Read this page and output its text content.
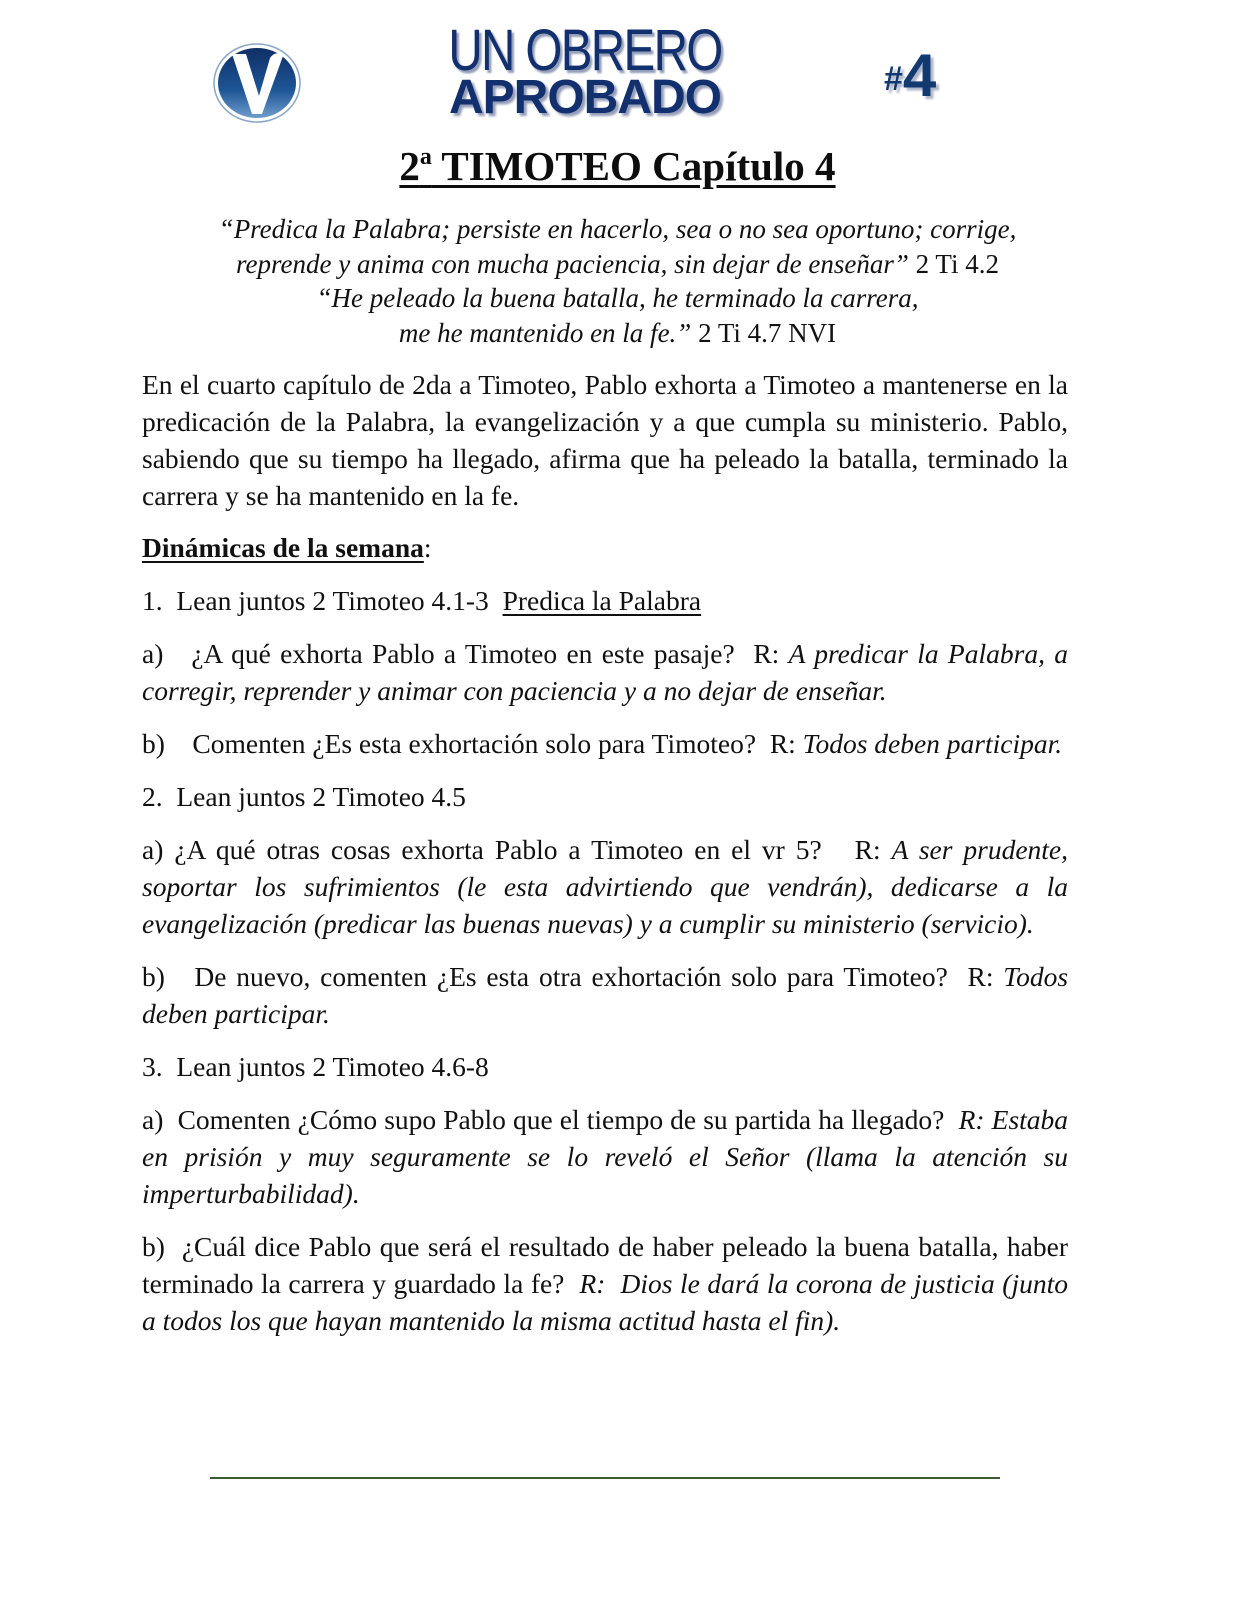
UN OBRERO
APROBADO	#4
2$^a$ TIMOTEO Capítulo 4
“Predica la Palabra; persiste en hacerlo, sea o no sea oportuno; corrige,
reprende y anima con mucha paciencia, sin dejar de enseñar” 2 Ti 4.2
“He peleado la buena batalla, he terminado la carrera,
me he mantenido en la fe.” 2 Ti 4.7 NVI

En el cuarto capítulo de 2da a Timoteo, Pablo exhorta a Timoteo a mantenerse en la predicación de la Palabra, la evangelización y a que cumpla su ministerio. Pablo, sabiendo que su tiempo ha llegado, afirma que ha peleado la batalla, terminado la carrera y se ha mantenido en la fe.

Dinámicas de la semana:

1. Lean juntos 2 Timoteo 4.1-3 Predica la Palabra

a) ¿A qué exhorta Pablo a Timoteo en este pasaje? R: A predicar la Palabra, a corregir, reprender y animar con paciencia y a no dejar de enseñar.

b) Comenten ¿Es esta exhortación solo para Timoteo? R: Todos deben participar.

2. Lean juntos 2 Timoteo 4.5

a) ¿A qué otras cosas exhorta Pablo a Timoteo en el vr 5? R: A ser prudente, soportar los sufrimientos (le esta advirtiendo que vendrán), dedicarse a la evangelización (predicar las buenas nuevas) y a cumplir su ministerio (servicio).

b) De nuevo, comenten ¿Es esta otra exhortación solo para Timoteo? R: Todos deben participar.

3. Lean juntos 2 Timoteo 4.6-8

a) Comenten ¿Cómo supo Pablo que el tiempo de su partida ha llegado? R: Estaba en prisión y muy seguramente se lo reveló el Señor (llama la atención su imperturbabilidad).

b) ¿Cuál dice Pablo que será el resultado de haber peleado la buena batalla, haber terminado la carrera y guardado la fe? R: Dios le dará la corona de justicia (junto a todos los que hayan mantenido la misma actitud hasta el fin).
